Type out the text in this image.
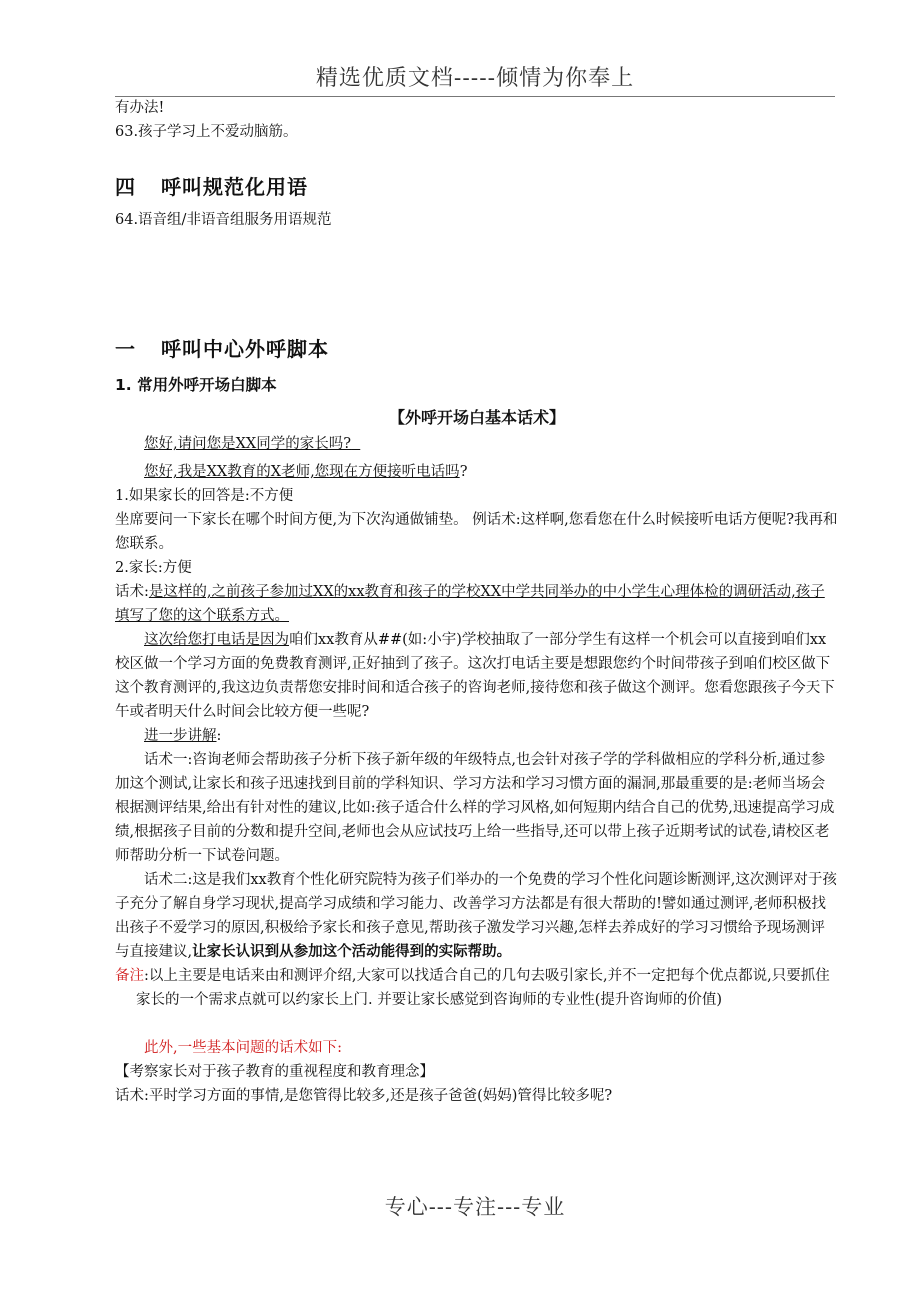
精选优质文档-----倾情为你奉上

有办法!

63.孩子学习上不爱动脑筋。

四 呼叫规范化用语

64.语音组/非语音组服务用语规范

一 呼叫中心外呼脚本

1. 常用外呼开场白脚本

【外呼开场白基本话术】

您好,请问您是XX同学的家长吗?

您好,我是XX教育的X老师,您现在方便接听电话吗?

1.如果家长的回答是:不方便

坐席要问一下家长在哪个时间方便,为下次沟通做铺垫。 例话术:这样啊,您看您在什么时候接听电话方便呢?我再和您联系。

2.家长:方便

话术:是这样的,之前孩子参加过XX的xx教育和孩子的学校XX中学共同举办的中小学生心理体检的调研活动,孩子填写了您的这个联系方式。

这次给您打电话是因为咱们xx教育从##(如:小宇)学校抽取了一部分学生有这样一个机会可以直接到咱们xx校区做一个学习方面的免费教育测评,正好抽到了孩子。这次打电话主要是想跟您约个时间带孩子到咱们校区做下这个教育测评的,我这边负责帮您安排时间和适合孩子的咨询老师,接待您和孩子做这个测评。您看您跟孩子今天下午或者明天什么时间会比较方便一些呢?

进一步讲解:

话术一:咨询老师会帮助孩子分析下孩子新年级的年级特点,也会针对孩子学的学科做相应的学科分析,通过参加这个测试,让家长和孩子迅速找到目前的学科知识、学习方法和学习习惯方面的漏洞,那最重要的是:老师当场会根据测评结果,给出有针对性的建议,比如:孩子适合什么样的学习风格,如何短期内结合自己的优势,迅速提高学习成绩,根据孩子目前的分数和提升空间,老师也会从应试技巧上给一些指导,还可以带上孩子近期考试的试卷,请校区老师帮助分析一下试卷问题。

话术二:这是我们xx教育个性化研究院特为孩子们举办的一个免费的学习个性化问题诊断测评,这次测评对于孩子充分了解自身学习现状,提高学习成绩和学习能力、改善学习方法都是有很大帮助的!譬如通过测评,老师积极找出孩子不爱学习的原因,积极给予家长和孩子意见,帮助孩子激发学习兴趣,怎样去养成好的学习习惯给予现场测评与直接建议,让家长认识到从参加这个活动能得到的实际帮助。

备注:以上主要是电话来由和测评介绍,大家可以找适合自己的几句去吸引家长,并不一定把每个优点都说,只要抓住家长的一个需求点就可以约家长上门. 并要让家长感觉到咨询师的专业性(提升咨询师的价值)

此外,一些基本问题的话术如下:

【考察家长对于孩子教育的重视程度和教育理念】

话术:平时学习方面的事情,是您管得比较多,还是孩子爸爸(妈妈)管得比较多呢?

专心---专注---专业
